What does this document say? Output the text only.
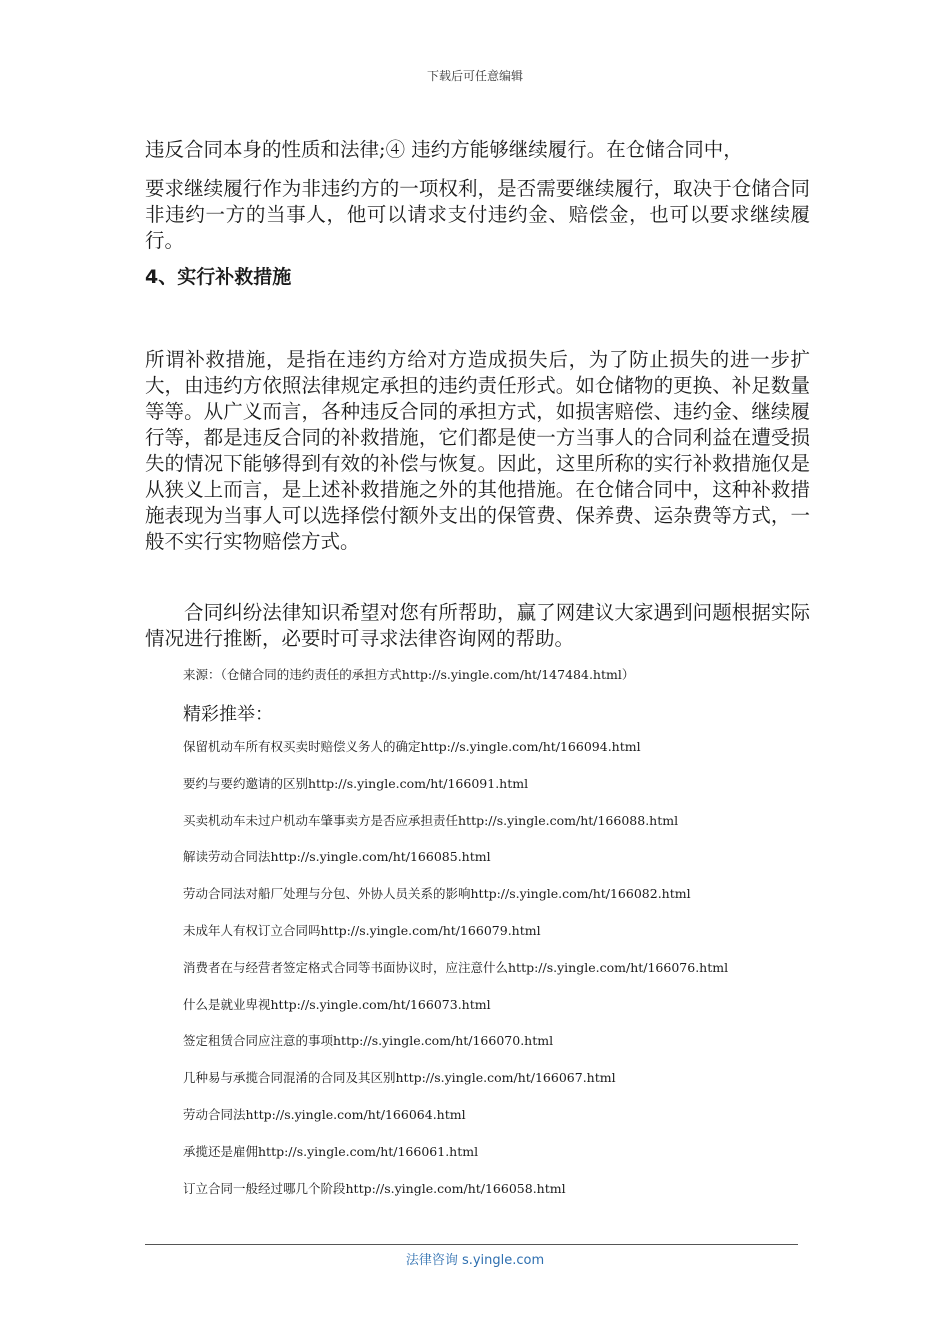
下载后可任意编辑

违反合同本身的性质和法律;④ 违约方能够继续履行。在仓储合同中，

要求继续履行作为非违约方的一项权利，是否需要继续履行，取决于仓储合同非违约一方的当事人，他可以请求支付违约金、赔偿金，也可以要求继续履行。

4、实行补救措施

所谓补救措施，是指在违约方给对方造成损失后，为了防止损失的进一步扩大，由违约方依照法律规定承担的违约责任形式。如仓储物的更换、补足数量等等。从广义而言，各种违反合同的承担方式，如损害赔偿、违约金、继续履行等，都是违反合同的补救措施，它们都是使一方当事人的合同利益在遭受损失的情况下能够得到有效的补偿与恢复。因此，这里所称的实行补救措施仅是从狭义上而言，是上述补救措施之外的其他措施。在仓储合同中，这种补救措施表现为当事人可以选择偿付额外支出的保管费、保养费、运杂费等方式，一般不实行实物赔偿方式。

合同纠纷法律知识希望对您有所帮助，赢了网建议大家遇到问题根据实际情况进行推断，必要时可寻求法律咨询网的帮助。

来源：（仓储合同的违约责任的承担方式http://s.yingle.com/ht/147484.html）

精彩推举：

保留机动车所有权买卖时赔偿义务人的确定http://s.yingle.com/ht/166094.html
要约与要约邀请的区别http://s.yingle.com/ht/166091.html
买卖机动车未过户机动车肇事卖方是否应承担责任http://s.yingle.com/ht/166088.html
解读劳动合同法http://s.yingle.com/ht/166085.html
劳动合同法对船厂处理与分包、外协人员关系的影响http://s.yingle.com/ht/166082.html
未成年人有权订立合同吗http://s.yingle.com/ht/166079.html
消费者在与经营者签定格式合同等书面协议时，应注意什么http://s.yingle.com/ht/166076.html
什么是就业卑视http://s.yingle.com/ht/166073.html
签定租赁合同应注意的事项http://s.yingle.com/ht/166070.html
几种易与承揽合同混淆的合同及其区别http://s.yingle.com/ht/166067.html
劳动合同法http://s.yingle.com/ht/166064.html
承揽还是雇佣http://s.yingle.com/ht/166061.html
订立合同一般经过哪几个阶段http://s.yingle.com/ht/166058.html
法律咨询 s.yingle.com
